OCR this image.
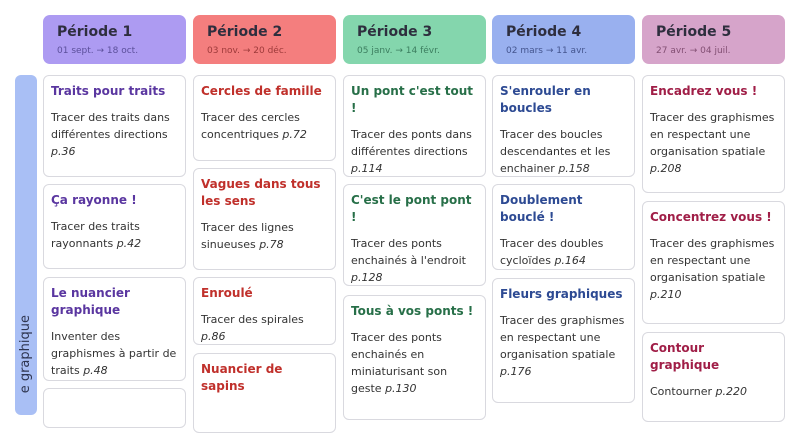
Période 1
01 sept. → 18 oct.
Période 2
03 nov. → 20 déc.
Période 3
05 janv. → 14 févr.
Période 4
02 mars → 11 avr.
Période 5
27 avr. → 04 juil.
e graphique
Traits pour traits
Tracer des traits dans différentes directions p.36
Ça rayonne !
Tracer des traits rayonnants p.42
Le nuancier graphique
Inventer des graphismes à partir de traits p.48
Cercles de famille
Tracer des cercles concentriques p.72
Vagues dans tous les sens
Tracer des lignes sinueuses p.78
Enroulé
Tracer des spirales p.86
Nuancier de sapins
Un pont c'est tout !
Tracer des ponts dans différentes directions p.114
C'est le pont pont !
Tracer des ponts enchainés à l'endroit p.128
Tous à vos ponts !
Tracer des ponts enchainés en miniaturisant son geste p.130
S'enrouler en boucles
Tracer des boucles descendantes et les enchainer p.158
Doublement bouclé !
Tracer des doubles cycloïdes p.164
Fleurs graphiques
Tracer des graphismes en respectant une organisation spatiale p.176
Encadrez vous !
Tracer des graphismes en respectant une organisation spatiale p.208
Concentrez vous !
Tracer des graphismes en respectant une organisation spatiale p.210
Contour graphique
Contourner p.220
